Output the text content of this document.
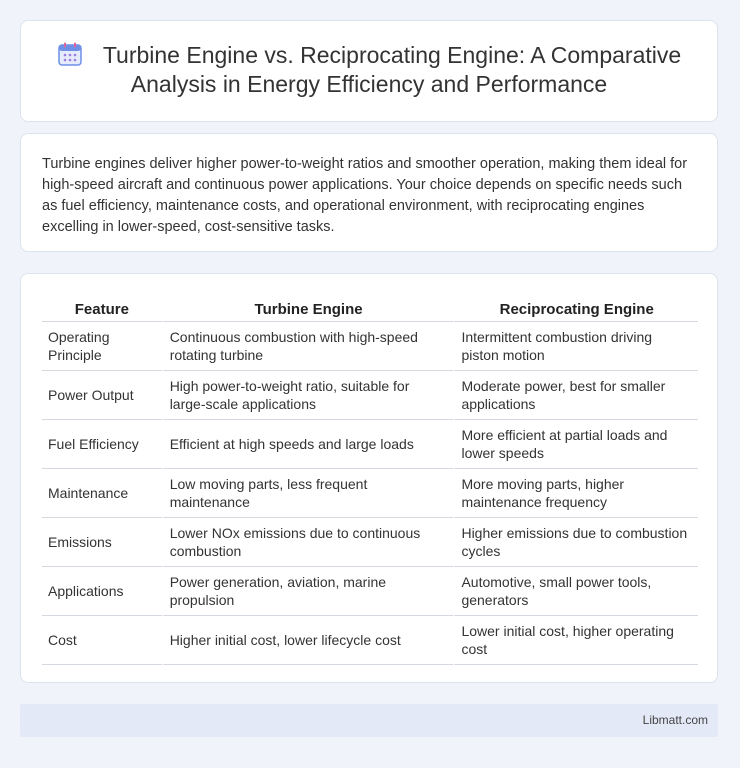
Turbine Engine vs. Reciprocating Engine: A Comparative Analysis in Energy Efficiency and Performance

Turbine engines deliver higher power-to-weight ratios and smoother operation, making them ideal for high-speed aircraft and continuous power applications. Your choice depends on specific needs such as fuel efficiency, maintenance costs, and operational environment, with reciprocating engines excelling in lower-speed, cost-sensitive tasks.

Feature	Turbine Engine	Reciprocating Engine
Operating Principle	Continuous combustion with high-speed rotating turbine	Intermittent combustion driving piston motion
Power Output	High power-to-weight ratio, suitable for large-scale applications	Moderate power, best for smaller applications
Fuel Efficiency	Efficient at high speeds and large loads	More efficient at partial loads and lower speeds
Maintenance	Low moving parts, less frequent maintenance	More moving parts, higher maintenance frequency
Emissions	Lower NOx emissions due to continuous combustion	Higher emissions due to combustion cycles
Applications	Power generation, aviation, marine propulsion	Automotive, small power tools, generators
Cost	Higher initial cost, lower lifecycle cost	Lower initial cost, higher operating cost
Libmatt.com
